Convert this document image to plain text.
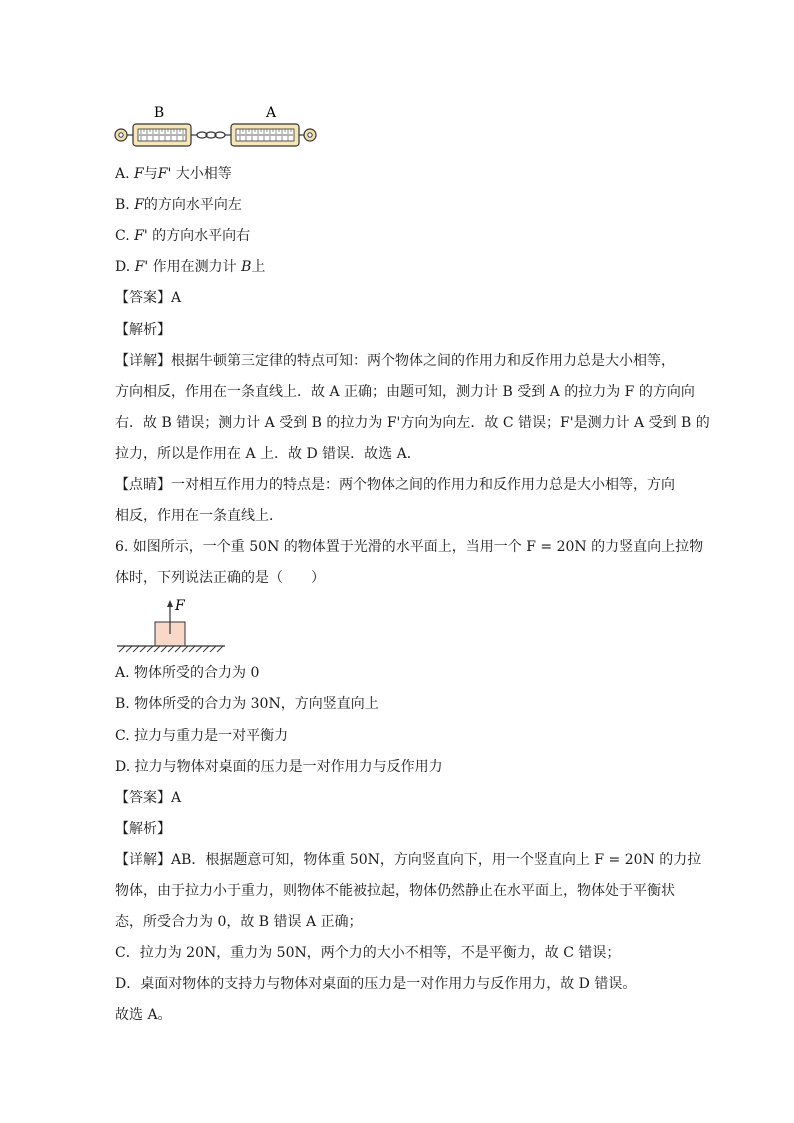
B	A
A. F与F' 大小相等
B. F的方向水平向左
C. F' 的方向水平向右
D. F' 作用在测力计 B上
【答案】A
【解析】
【详解】根据牛顿第三定律的特点可知：两个物体之间的作用力和反作用力总是大小相等，
方向相反，作用在一条直线上．故 A 正确；由题可知，测力计 B 受到 A 的拉力为 F 的方向向
右．故 B 错误；测力计 A 受到 B 的拉力为 F'方向为向左．故 C 错误；F'是测力计 A 受到 B 的
拉力，所以是作用在 A 上．故 D 错误．故选 A．
【点睛】一对相互作用力的特点是：两个物体之间的作用力和反作用力总是大小相等，方向
相反，作用在一条直线上．
6. 如图所示，一个重 50N 的物体置于光滑的水平面上，当用一个 F = 20N 的力竖直向上拉物
体时，下列说法正确的是（　　）
F
A. 物体所受的合力为 0
B. 物体所受的合力为 30N，方向竖直向上
C. 拉力与重力是一对平衡力
D. 拉力与物体对桌面的压力是一对作用力与反作用力
【答案】A
【解析】
【详解】AB．根据题意可知，物体重 50N，方向竖直向下，用一个竖直向上 F = 20N 的力拉
物体，由于拉力小于重力，则物体不能被拉起，物体仍然静止在水平面上，物体处于平衡状
态，所受合力为 0，故 B 错误 A 正确；
C．拉力为 20N，重力为 50N，两个力的大小不相等，不是平衡力，故 C 错误；
D．桌面对物体的支持力与物体对桌面的压力是一对作用力与反作用力，故 D 错误。
故选 A。
